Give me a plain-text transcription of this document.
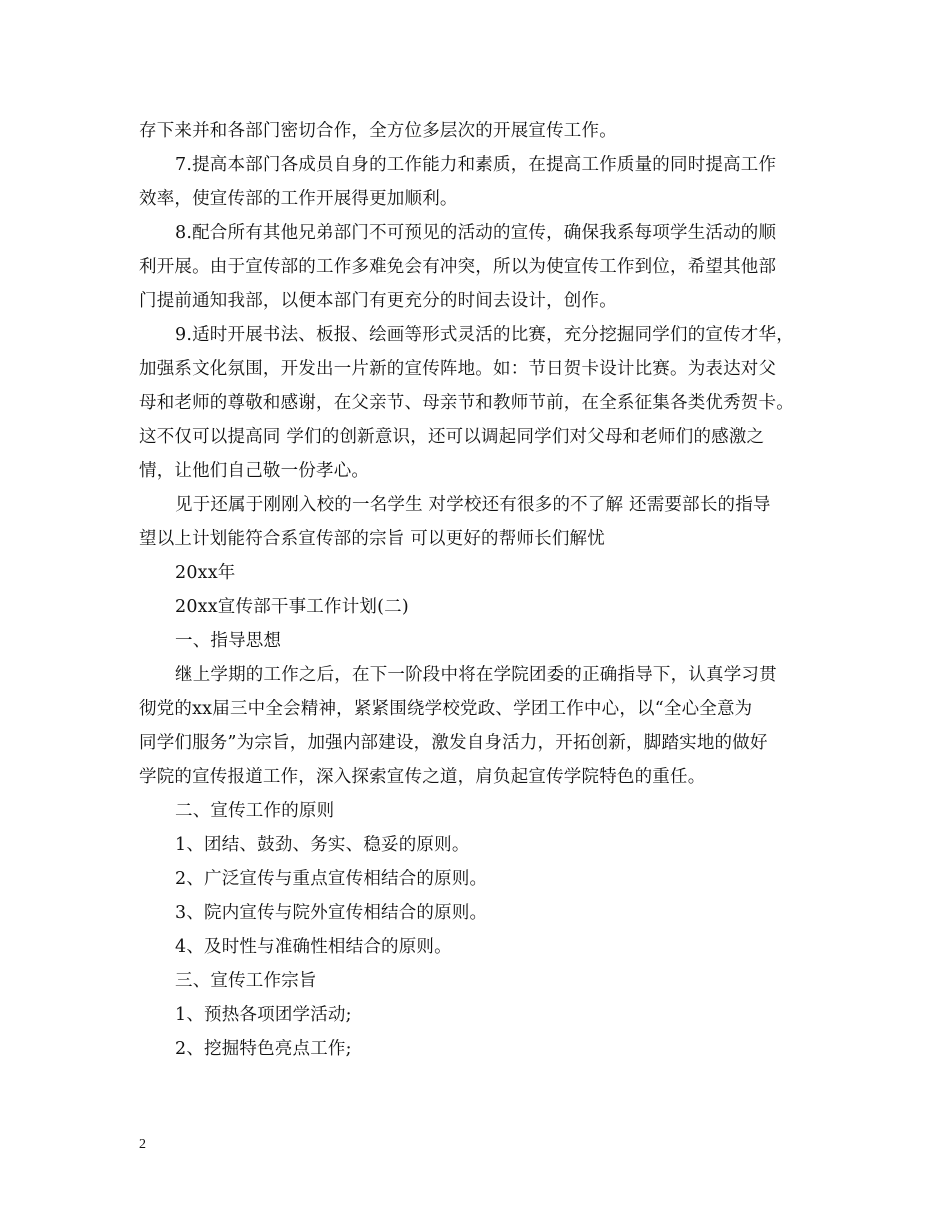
存下来并和各部门密切合作，全方位多层次的开展宣传工作。
7.提高本部门各成员自身的工作能力和素质，在提高工作质量的同时提高工作
效率，使宣传部的工作开展得更加顺利。
8.配合所有其他兄弟部门不可预见的活动的宣传，确保我系每项学生活动的顺
利开展。由于宣传部的工作多难免会有冲突，所以为使宣传工作到位，希望其他部
门提前通知我部，以便本部门有更充分的时间去设计，创作。
9.适时开展书法、板报、绘画等形式灵活的比赛，充分挖掘同学们的宣传才华，
加强系文化氛围，开发出一片新的宣传阵地。如：节日贺卡设计比赛。为表达对父
母和老师的尊敬和感谢，在父亲节、母亲节和教师节前，在全系征集各类优秀贺卡。
这不仅可以提高同 学们的创新意识，还可以调起同学们对父母和老师们的感激之
情，让他们自己敬一份孝心。
见于还属于刚刚入校的一名学生 对学校还有很多的不了解 还需要部长的指导
望以上计划能符合系宣传部的宗旨 可以更好的帮师长们解忧
20xx年
20xx宣传部干事工作计划(二)
一、指导思想
继上学期的工作之后，在下一阶段中将在学院团委的正确指导下，认真学习贯
彻党的xx届三中全会精神，紧紧围绕学校党政、学团工作中心，以“全心全意为
同学们服务”为宗旨，加强内部建设，激发自身活力，开拓创新，脚踏实地的做好
学院的宣传报道工作，深入探索宣传之道，肩负起宣传学院特色的重任。
二、宣传工作的原则
1、团结、鼓劲、务实、稳妥的原则。
2、广泛宣传与重点宣传相结合的原则。
3、院内宣传与院外宣传相结合的原则。
4、及时性与准确性相结合的原则。
三、宣传工作宗旨
1、预热各项团学活动;
2、挖掘特色亮点工作;
2
